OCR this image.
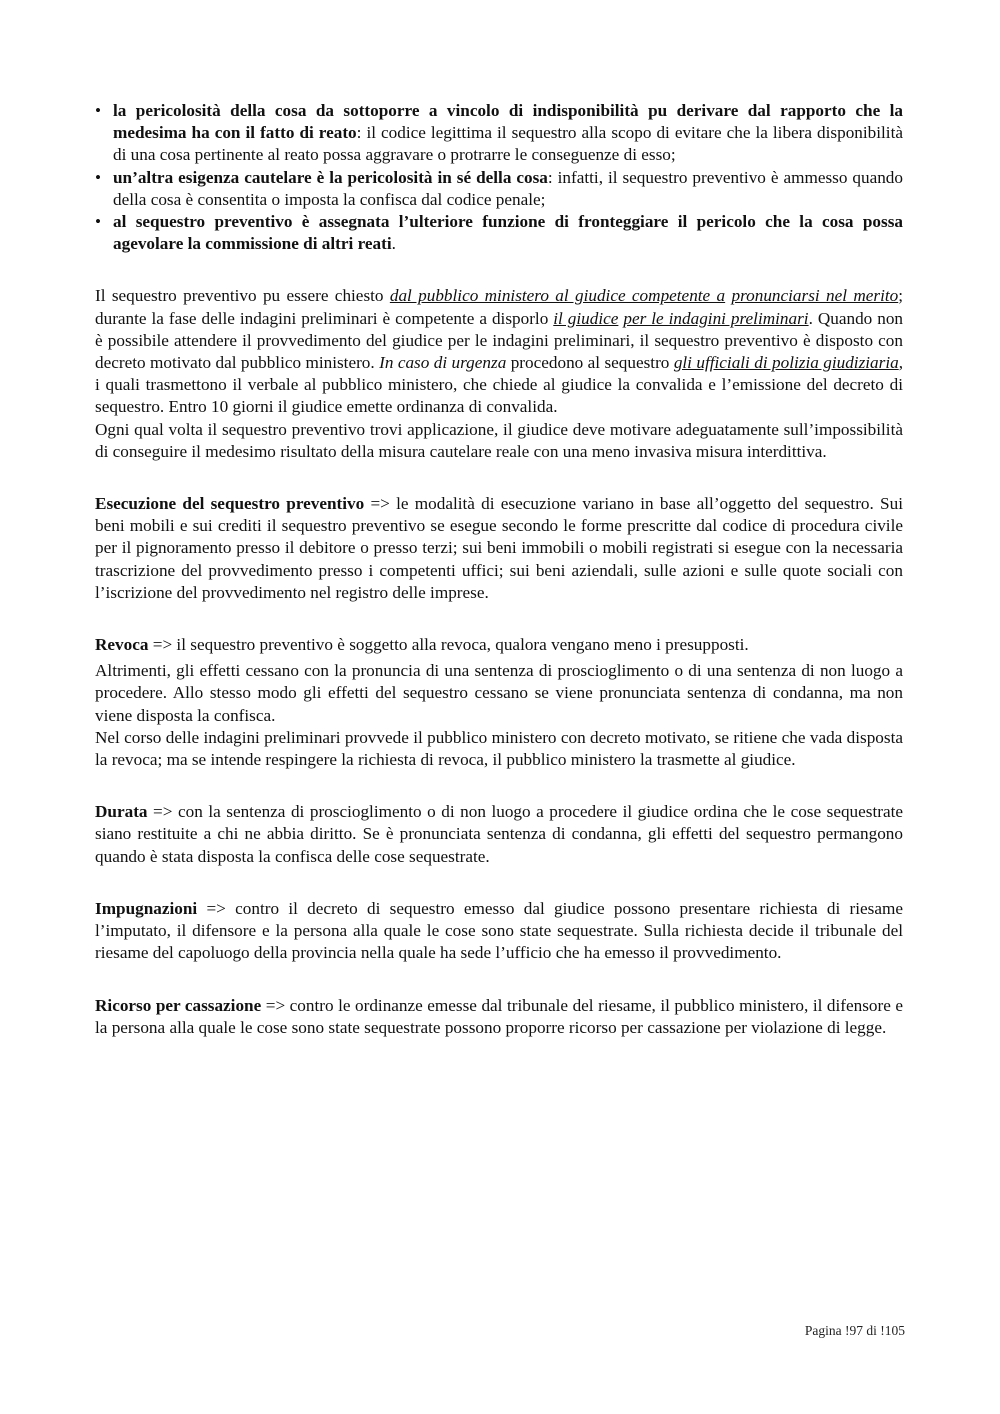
• la pericolosità della cosa da sottoporre a vincolo di indisponibilità pu derivare dal rapporto che la medesima ha con il fatto di reato: il codice legittima il sequestro alla scopo di evitare che la libera disponibilità di una cosa pertinente al reato possa aggravare o protrarre le conseguenze di esso;
• un’altra esigenza cautelare è la pericolosità in sé della cosa: infatti, il sequestro preventivo è ammesso quando della cosa è consentita o imposta la confisca dal codice penale;
• al sequestro preventivo è assegnata l’ulteriore funzione di fronteggiare il pericolo che la cosa possa agevolare la commissione di altri reati.

Il sequestro preventivo pu essere chiesto dal pubblico ministero al giudice competente a pronunciarsi nel merito; durante la fase delle indagini preliminari è competente a disporlo il giudice per le indagini preliminari. Quando non è possibile attendere il provvedimento del giudice per le indagini preliminari, il sequestro preventivo è disposto con decreto motivato dal pubblico ministero. In caso di urgenza procedono al sequestro gli ufficiali di polizia giudiziaria, i quali trasmettono il verbale al pubblico ministero, che chiede al giudice la convalida e l’emissione del decreto di sequestro. Entro 10 giorni il giudice emette ordinanza di convalida.

Ogni qual volta il sequestro preventivo trovi applicazione, il giudice deve motivare adeguatamente sull’impossibilità di conseguire il medesimo risultato della misura cautelare reale con una meno invasiva misura interdittiva.

Esecuzione del sequestro preventivo => le modalità di esecuzione variano in base all’oggetto del sequestro. Sui beni mobili e sui crediti il sequestro preventivo se esegue secondo le forme prescritte dal codice di procedura civile per il pignoramento presso il debitore o presso terzi; sui beni immobili o mobili registrati si esegue con la necessaria trascrizione del provvedimento presso i competenti uffici; sui beni aziendali, sulle azioni e sulle quote sociali con l’iscrizione del provvedimento nel registro delle imprese.

Revoca => il sequestro preventivo è soggetto alla revoca, qualora vengano meno i presupposti.

Altrimenti, gli effetti cessano con la pronuncia di una sentenza di proscioglimento o di una sentenza di non luogo a procedere. Allo stesso modo gli effetti del sequestro cessano se viene pronunciata sentenza di condanna, ma non viene disposta la confisca.

Nel corso delle indagini preliminari provvede il pubblico ministero con decreto motivato, se ritiene che vada disposta la revoca; ma se intende respingere la richiesta di revoca, il pubblico ministero la trasmette al giudice.

Durata => con la sentenza di proscioglimento o di non luogo a procedere il giudice ordina che le cose sequestrate siano restituite a chi ne abbia diritto. Se è pronunciata sentenza di condanna, gli effetti del sequestro permangono quando è stata disposta la confisca delle cose sequestrate.

Impugnazioni => contro il decreto di sequestro emesso dal giudice possono presentare richiesta di riesame l’imputato, il difensore e la persona alla quale le cose sono state sequestrate. Sulla richiesta decide il tribunale del riesame del capoluogo della provincia nella quale ha sede l’ufficio che ha emesso il provvedimento.

Ricorso per cassazione => contro le ordinanze emesse dal tribunale del riesame, il pubblico ministero, il difensore e la persona alla quale le cose sono state sequestrate possono proporre ricorso per cassazione per violazione di legge.

Pagina !97 di !105
